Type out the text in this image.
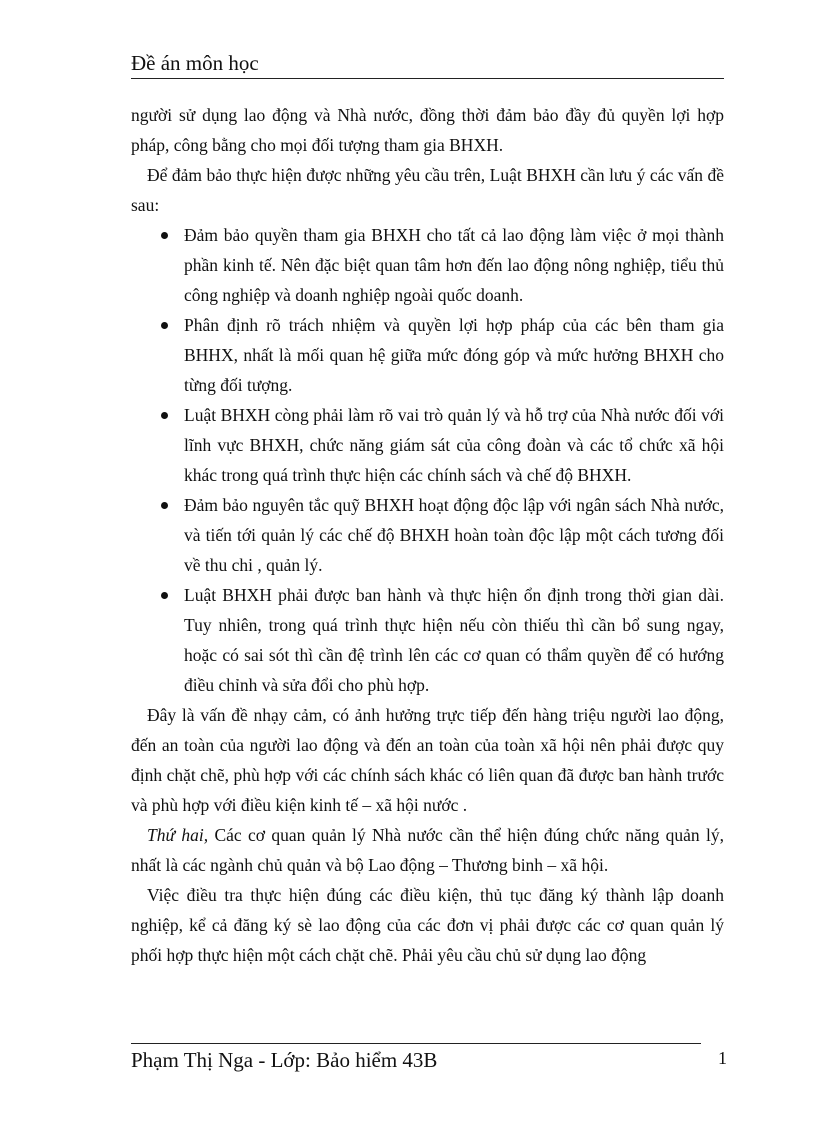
Đề án môn học

người sử dụng lao động và Nhà nước, đồng thời đảm bảo đầy đủ quyền lợi hợp pháp, công bằng cho mọi đối tượng tham gia BHXH.

Để đảm bảo thực hiện được những yêu cầu trên, Luật BHXH cần lưu ý các vấn đề sau:

Đảm bảo quyền tham gia BHXH cho tất cả lao động làm việc ở mọi thành phần kinh tế. Nên đặc biệt quan tâm hơn đến lao động nông nghiệp, tiểu thủ công nghiệp và doanh nghiệp ngoài quốc doanh.
Phân định rõ trách nhiệm và quyền lợi hợp pháp của các bên tham gia BHHX, nhất là mối quan hệ giữa mức đóng góp và mức hưởng BHXH cho từng đối tượng.
Luật BHXH còng phải làm rõ vai trò quản lý và hỗ trợ của Nhà nước đối với lĩnh vực BHXH, chức năng giám sát của công đoàn và các tổ chức xã hội khác trong quá trình thực hiện các chính sách và chế độ BHXH.
Đảm bảo nguyên tắc quỹ BHXH hoạt động độc lập với ngân sách Nhà nước, và tiến tới quản lý các chế độ BHXH hoàn toàn độc lập một cách tương đối về thu chi , quản lý.
Luật BHXH phải được ban hành và thực hiện ổn định trong thời gian dài. Tuy nhiên, trong quá trình thực hiện nếu còn thiếu thì cần bổ sung ngay, hoặc có sai sót thì cần đệ trình lên các cơ quan có thẩm quyền để có hướng điều chỉnh và sửa đổi cho phù hợp.

Đây là vấn đề nhạy cảm, có ảnh hưởng trực tiếp đến hàng triệu người lao động, đến an toàn của người lao động và đến an toàn của toàn xã hội nên phải được quy định chặt chẽ, phù hợp với các chính sách khác có liên quan đã được ban hành trước và phù hợp với điều kiện kinh tế – xã hội nước .

Thứ hai, Các cơ quan quản lý Nhà nước cần thể hiện đúng chức năng quản lý, nhất là các ngành chủ quản và bộ Lao động – Thương binh – xã hội.

Việc điều tra thực hiện đúng các điều kiện, thủ tục đăng ký thành lập doanh nghiệp, kể cả đăng ký sè lao động của các đơn vị phải được các cơ quan quản lý phối hợp thực hiện một cách chặt chẽ. Phải yêu cầu chủ sử dụng lao động

Phạm Thị Nga - Lớp: Bảo hiểm 43B	1
